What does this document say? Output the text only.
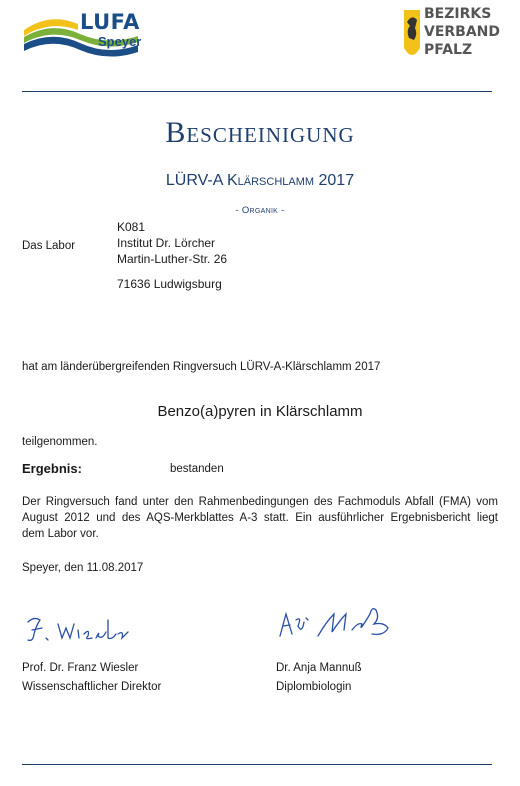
LUFA
Speyer
BEZIRKS
VERBAND
PFALZ
Bescheinigung
LÜRV-A Klärschlamm 2017
- Organik -
Das Labor
K081
Institut Dr. Lörcher
Martin-Luther-Str. 26
71636 Ludwigsburg
hat am länderübergreifenden Ringversuch LÜRV-A-Klärschlamm 2017
Benzo(a)pyren in Klärschlamm
teilgenommen.
Ergebnis:	bestanden
Der Ringversuch fand unter den Rahmenbedingungen des Fachmoduls Abfall (FMA) vom
August 2012 und des AQS-Merkblattes A-3 statt. Ein ausführlicher Ergebnisbericht liegt
dem Labor vor.
Speyer, den 11.08.2017
Prof. Dr. Franz Wiesler
Wissenschaftlicher Direktor
Dr. Anja Mannuß
Diplombiologin
